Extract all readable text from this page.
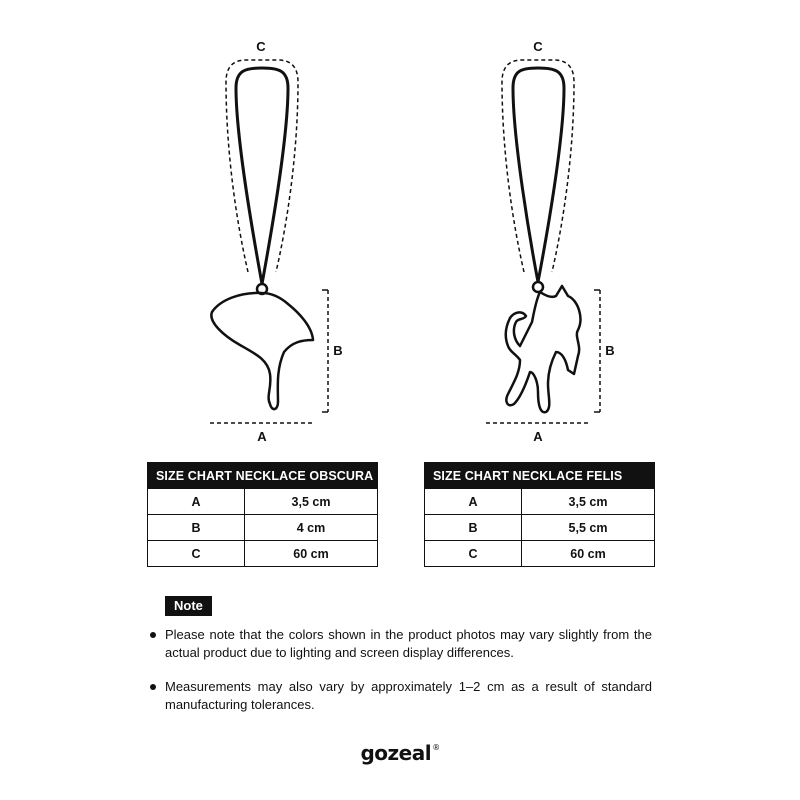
C
B
A
C
B
A
SIZE CHART NECKLACE OBSCURA	
A	3,5 cm
B	4 cm
C	60 cm
SIZE CHART NECKLACE FELIS	
A	3,5 cm
B	5,5 cm
C	60 cm
Note
Please note that the colors shown in the product photos may vary slightly from the actual product due to lighting and screen display differences.
Measurements may also vary by approximately 1–2 cm as a result of standard manufacturing tolerances.
gozeal®
